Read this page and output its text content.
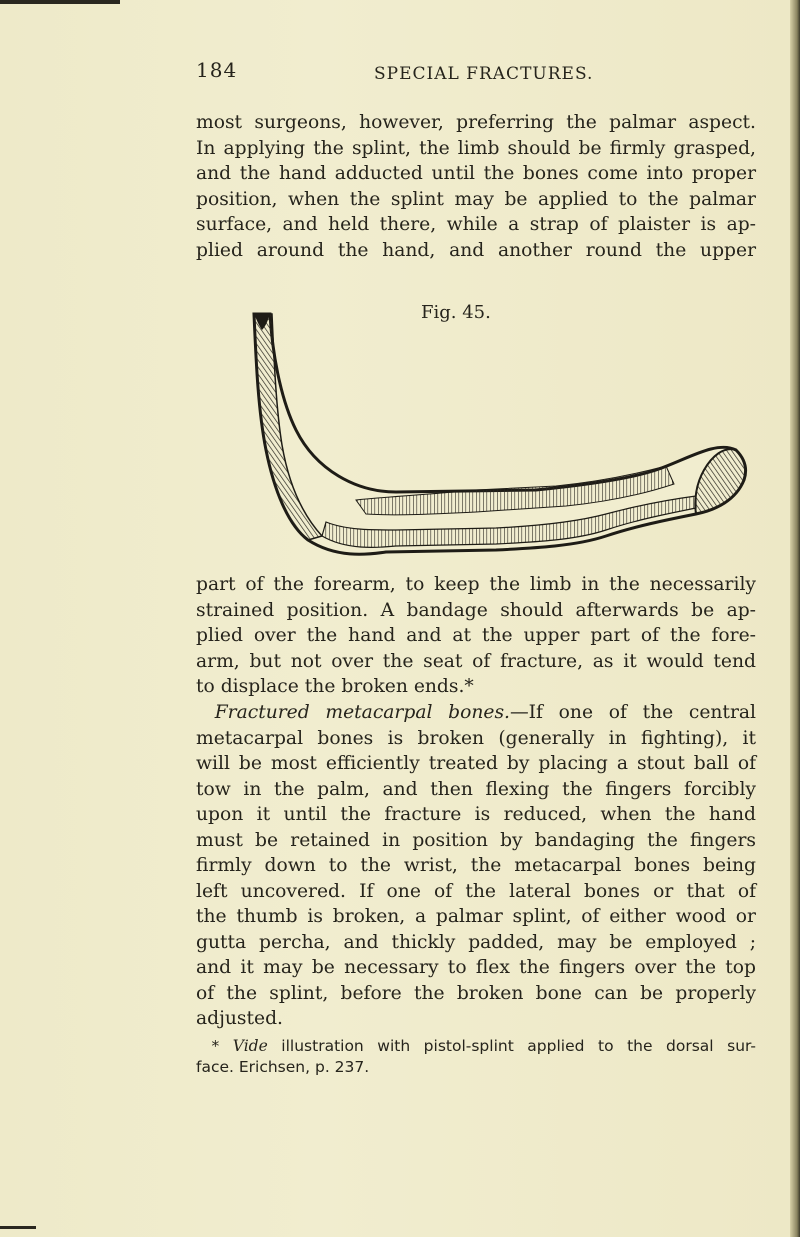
184	SPECIAL FRACTURES.

most surgeons, however, preferring the palmar aspect.
In applying the splint, the limb should be firmly grasped,
and the hand adducted until the bones come into proper
position, when the splint may be applied to the palmar
surface, and held there, while a strap of plaister is ap-
plied around the hand, and another round the upper

Fig. 45.

part of the forearm, to keep the limb in the necessarily
strained position. A bandage should afterwards be ap-
plied over the hand and at the upper part of the fore-
arm, but not over the seat of fracture, as it would tend
to displace the broken ends.*

 Fractured metacarpal bones.—If one of the central
metacarpal bones is broken (generally in fighting), it
will be most efficiently treated by placing a stout ball of
tow in the palm, and then flexing the fingers forcibly
upon it until the fracture is reduced, when the hand
must be retained in position by bandaging the fingers
firmly down to the wrist, the metacarpal bones being
left uncovered. If one of the lateral bones or that of
the thumb is broken, a palmar splint, of either wood or
gutta percha, and thickly padded, may be employed ;
and it may be necessary to flex the fingers over the top
of the splint, before the broken bone can be properly
adjusted.

 * Vide illustration with pistol-splint applied to the dorsal sur-
face. Erichsen, p. 237.
